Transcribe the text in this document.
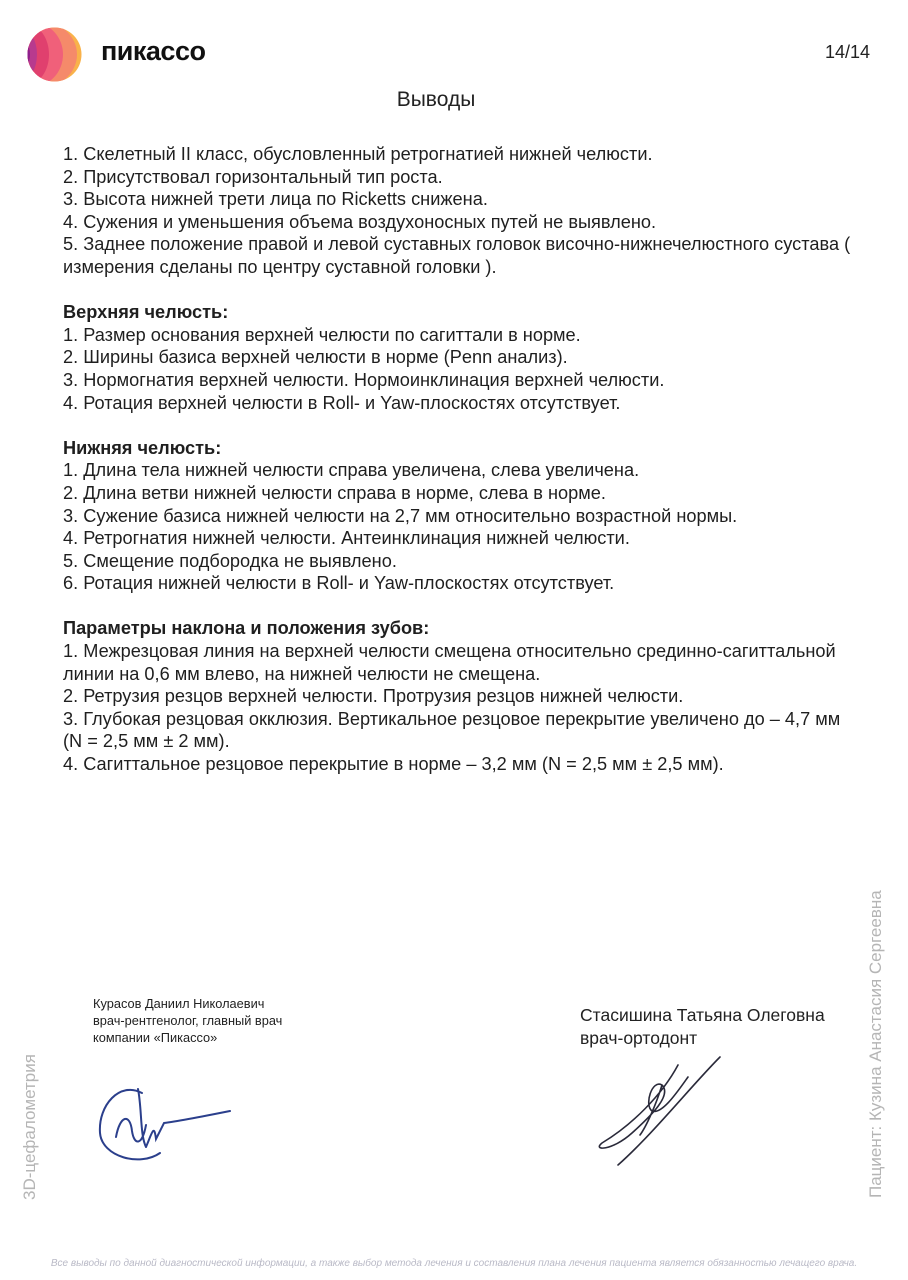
пикассо	14/14
Выводы

1. Скелетный II класс, обусловленный ретрогнатией нижней челюсти.

2. Присутствовал горизонтальный тип роста.

3. Высота нижней трети лица по Ricketts снижена.

4. Сужения и уменьшения объема воздухоносных путей не выявлено.

5. Заднее положение правой и левой суставных головок височно-нижнечелюстного сустава ( измерения сделаны по центру суставной головки ).

Верхняя челюсть:

1. Размер основания верхней челюсти по сагиттали в норме.

2. Ширины базиса верхней челюсти в норме (Penn анализ).

3. Нормогнатия верхней челюсти. Нормоинклинация верхней челюсти.

4. Ротация верхней челюсти в Roll- и Yaw-плоскостях отсутствует.

Нижняя челюсть:

1. Длина тела нижней челюсти справа увеличена, слева увеличена.

2. Длина ветви нижней челюсти справа в норме, слева в норме.

3. Сужение базиса нижней челюсти на 2,7 мм относительно возрастной нормы.

4. Ретрогнатия нижней челюсти. Антеинклинация нижней челюсти.

5. Смещение подбородка не выявлено.

6. Ротация нижней челюсти в Roll- и Yaw-плоскостях отсутствует.

Параметры наклона и положения зубов:

1. Межрезцовая линия на верхней челюсти смещена относительно срединно-сагиттальной линии на 0,6 мм влево, на нижней челюсти не смещена.

2. Ретрузия резцов верхней челюсти. Протрузия резцов нижней челюсти.

3. Глубокая резцовая окклюзия. Вертикальное резцовое перекрытие увеличено до – 4,7 мм (N = 2,5 мм ± 2 мм).

4. Сагиттальное резцовое перекрытие в норме – 3,2 мм (N = 2,5 мм ± 2,5 мм).

Курасов Даниил Николаевич
врач-рентгенолог, главный врач
компании «Пикассо»
Стасишина Татьяна Олеговна
врач-ортодонт
3D-цефалометрия	Пациент: Кузина Анастасия Сергеевна
Все выводы по данной диагностической информации, а также выбор метода лечения и составления плана лечения пациента является обязанностью лечащего врача.
